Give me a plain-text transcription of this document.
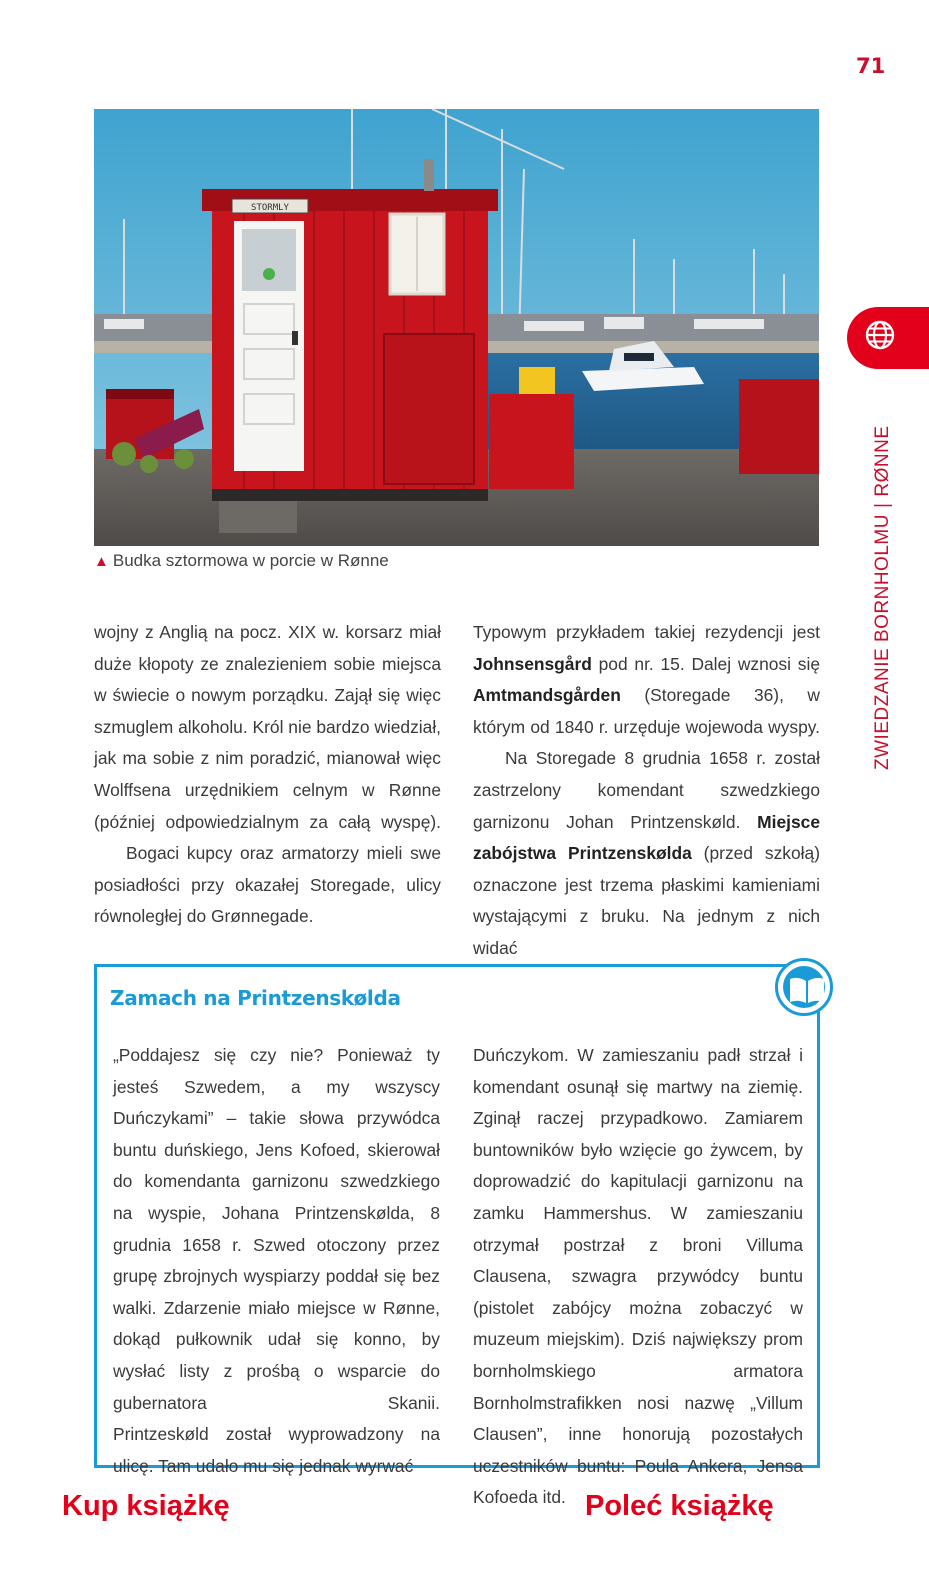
71
STORMLY
▲ Budka sztormowa w porcie w Rønne	ZWIEDZANIE BORNHOLMU|RØNNE

wojny z Anglią na pocz. XIX w. korsarz miał duże kłopoty ze znalezieniem sobie miejsca w świecie o nowym porządku. Zajął się więc szmuglem alkoholu. Król nie bardzo wiedział, jak ma sobie z nim poradzić, mianował więc Wolffsena urzędnikiem celnym w Rønne (później odpowiedzialnym za całą wyspę).

Bogaci kupcy oraz armatorzy mieli swe posiadłości przy okazałej Storegade, ulicy równoległej do Grønnegade.

Typowym przykładem takiej rezydencji jest Johnsensgård pod nr. 15. Dalej wznosi się Amtmandsgården (Storegade 36), w którym od 1840 r. urzęduje wojewoda wyspy.

Na Storegade 8 grudnia 1658 r. został zastrzelony komendant szwedzkiego garnizonu Johan Printzenskøld. Miejsce zabójstwa Printzenskølda (przed szkołą) oznaczone jest trzema płaskimi kamieniami wystającymi z bruku. Na jednym z nich widać

Zamach na Printzenskølda

„Poddajesz się czy nie? Ponieważ ty jesteś Szwedem, a my wszyscy Duńczykami” – takie słowa przywódca buntu duńskiego, Jens Kofoed, skierował do komendanta garnizonu szwedzkiego na wyspie, Johana Printzenskølda, 8 grudnia 1658 r. Szwed otoczony przez grupę zbrojnych wyspiarzy poddał się bez walki. Zdarzenie miało miejsce w Rønne, dokąd pułkownik udał się konno, by wysłać listy z prośbą o wsparcie do gubernatora Skanii.

Printzeskøld został wyprowadzony na ulicę. Tam udało mu się jednak wyrwać

Duńczykom. W zamieszaniu padł strzał i komendant osunął się martwy na ziemię. Zginął raczej przypadkowo. Zamiarem buntowników było wzięcie go żywcem, by doprowadzić do kapitulacji garnizonu na zamku Hammershus. W zamieszaniu otrzymał postrzał z broni Villuma Clausena, szwagra przywódcy buntu (pistolet zabójcy można zobaczyć w muzeum miejskim). Dziś największy prom bornholmskiego armatora Bornholmstrafikken nosi nazwę „Villum Clausen”, inne honorują pozostałych uczestników buntu: Poula Ankera, Jensa Kofoeda itd.

Kup książkę	Poleć książkę
